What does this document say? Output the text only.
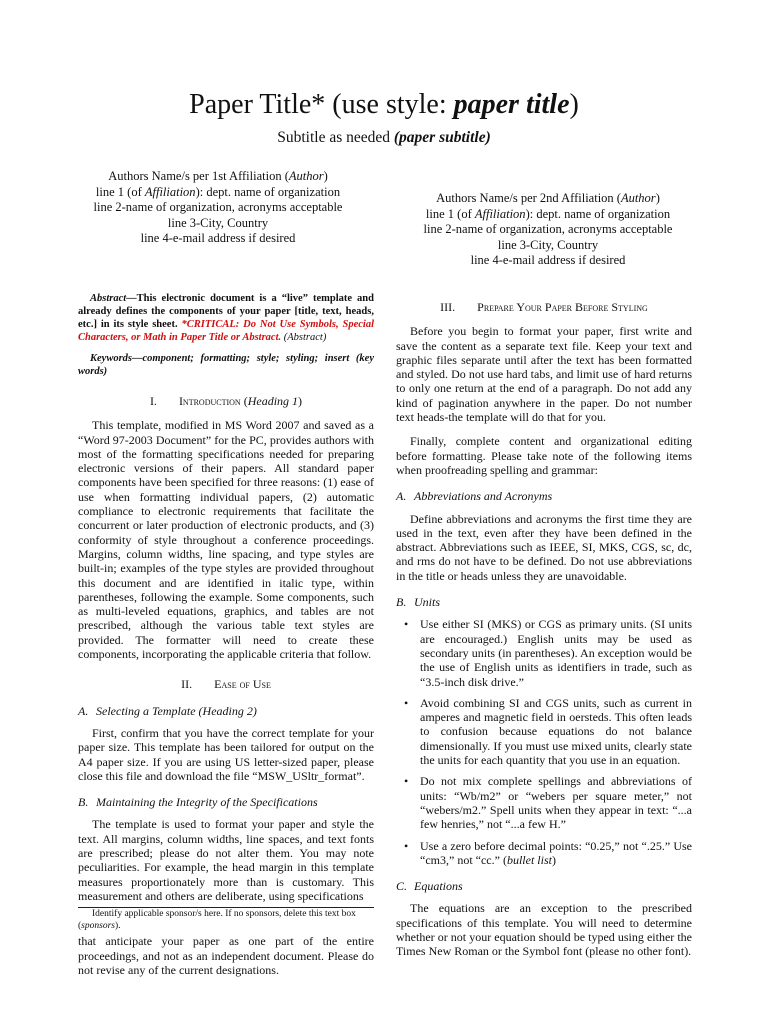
Paper Title* (use style: paper title)
Subtitle as needed (paper subtitle)
Authors Name/s per 1st Affiliation (Author)
line 1 (of Affiliation): dept. name of organization
line 2-name of organization, acronyms acceptable
line 3-City, Country
line 4-e-mail address if desired
Authors Name/s per 2nd Affiliation (Author)
line 1 (of Affiliation): dept. name of organization
line 2-name of organization, acronyms acceptable
line 3-City, Country
line 4-e-mail address if desired

Abstract—This electronic document is a “live” template and already defines the components of your paper [title, text, heads, etc.] in its style sheet. *CRITICAL: Do Not Use Symbols, Special Characters, or Math in Paper Title or Abstract. (Abstract)

Keywords—component; formatting; style; styling; insert (key words)

I. Introduction (Heading 1)

This template, modified in MS Word 2007 and saved as a “Word 97-2003 Document” for the PC, provides authors with most of the formatting specifications needed for preparing electronic versions of their papers. All standard paper components have been specified for three reasons: (1) ease of use when formatting individual papers, (2) automatic compliance to electronic requirements that facilitate the concurrent or later production of electronic products, and (3) conformity of style throughout a conference proceedings. Margins, column widths, line spacing, and type styles are built-in; examples of the type styles are provided throughout this document and are identified in italic type, within parentheses, following the example. Some components, such as multi-leveled equations, graphics, and tables are not prescribed, although the various table text styles are provided. The formatter will need to create these components, incorporating the applicable criteria that follow.

II. Ease of Use

A. Selecting a Template (Heading 2)

First, confirm that you have the correct template for your paper size. This template has been tailored for output on the A4 paper size. If you are using US letter-sized paper, please close this file and download the file “MSW_USltr_format”.

B. Maintaining the Integrity of the Specifications

The template is used to format your paper and style the text. All margins, column widths, line spaces, and text fonts are prescribed; please do not alter them. You may note peculiarities. For example, the head margin in this template measures proportionately more than is customary. This measurement and others are deliberate, using specifications

Identify applicable sponsor/s here. If no sponsors, delete this text box (sponsors).

that anticipate your paper as one part of the entire proceedings, and not as an independent document. Please do not revise any of the current designations.

III. Prepare Your Paper Before Styling

Before you begin to format your paper, first write and save the content as a separate text file. Keep your text and graphic files separate until after the text has been formatted and styled. Do not use hard tabs, and limit use of hard returns to only one return at the end of a paragraph. Do not add any kind of pagination anywhere in the paper. Do not number text heads-the template will do that for you.

Finally, complete content and organizational editing before formatting. Please take note of the following items when proofreading spelling and grammar:

A. Abbreviations and Acronyms

Define abbreviations and acronyms the first time they are used in the text, even after they have been defined in the abstract. Abbreviations such as IEEE, SI, MKS, CGS, sc, dc, and rms do not have to be defined. Do not use abbreviations in the title or heads unless they are unavoidable.

B. Units

• Use either SI (MKS) or CGS as primary units. (SI units are encouraged.) English units may be used as secondary units (in parentheses). An exception would be the use of English units as identifiers in trade, such as “3.5-inch disk drive.”
• Avoid combining SI and CGS units, such as current in amperes and magnetic field in oersteds. This often leads to confusion because equations do not balance dimensionally. If you must use mixed units, clearly state the units for each quantity that you use in an equation.
• Do not mix complete spellings and abbreviations of units: “Wb/m2” or “webers per square meter,” not “webers/m2.” Spell units when they appear in text: “...a few henries,” not “...a few H.”
• Use a zero before decimal points: “0.25,” not “.25.” Use “cm3,” not “cc.” (bullet list)

C. Equations

The equations are an exception to the prescribed specifications of this template. You will need to determine whether or not your equation should be typed using either the Times New Roman or the Symbol font (please no other font).
